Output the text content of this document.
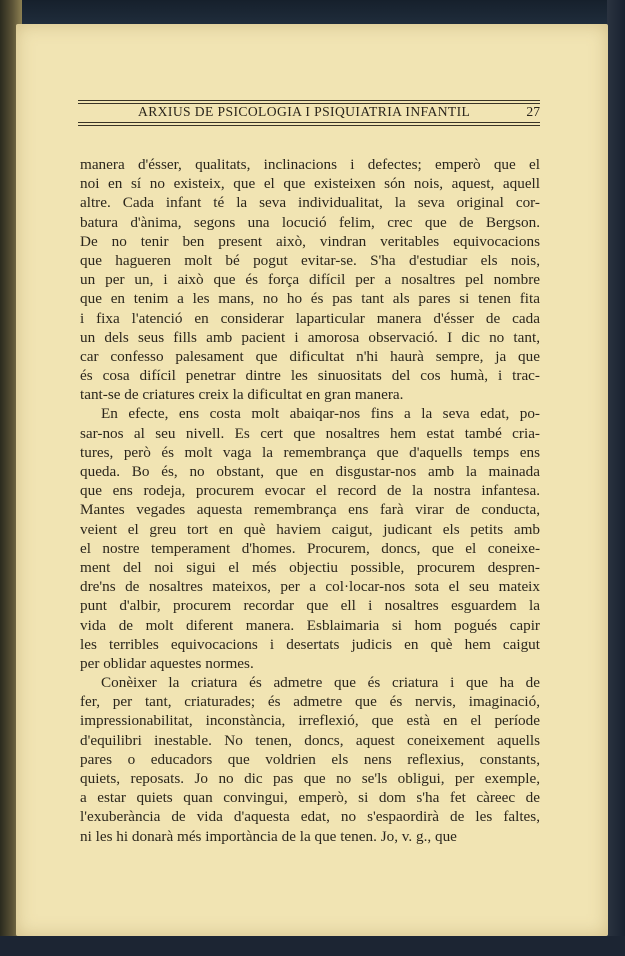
ARXIUS DE PSICOLOGIA I PSIQUIATRIA INFANTIL	27
manera d'ésser, qualitats, inclinacions i defectes; emperò que el
noi en sí no existeix, que el que existeixen són nois, aquest, aquell
altre. Cada infant té la seva individualitat, la seva original cor-
batura d'ànima, segons una locució felim, crec que de Bergson.
De no tenir ben present això, vindran veritables equivocacions
que hagueren molt bé pogut evitar-se. S'ha d'estudiar els nois,
un per un, i això que és força difícil per a nosaltres pel nombre
que en tenim a les mans, no ho és pas tant als pares si tenen fita
i fixa l'atenció en considerar laparticular manera d'ésser de cada
un dels seus fills amb pacient i amorosa observació. I dic no tant,
car confesso palesament que dificultat n'hi haurà sempre, ja que
és cosa difícil penetrar dintre les sinuositats del cos humà, i trac-
tant-se de criatures creix la dificultat en gran manera.
En efecte, ens costa molt abaiqar-nos fins a la seva edat, po-
sar-nos al seu nivell. Es cert que nosaltres hem estat també cria-
tures, però és molt vaga la remembrança que d'aquells temps ens
queda. Bo és, no obstant, que en disgustar-nos amb la mainada
que ens rodeja, procurem evocar el record de la nostra infantesa.
Mantes vegades aquesta remembrança ens farà virar de conducta,
veient el greu tort en què haviem caigut, judicant els petits amb
el nostre temperament d'homes. Procurem, doncs, que el coneixe-
ment del noi sigui el més objectiu possible, procurem despren-
dre'ns de nosaltres mateixos, per a col·locar-nos sota el seu mateix
punt d'albir, procurem recordar que ell i nosaltres esguardem la
vida de molt diferent manera. Esblaimaria si hom pogués capir
les terribles equivocacions i desertats judicis en què hem caigut
per oblidar aquestes normes.
Conèixer la criatura és admetre que és criatura i que ha de
fer, per tant, criaturades; és admetre que és nervis, imaginació,
impressionabilitat, inconstància, irreflexió, que està en el període
d'equilibri inestable. No tenen, doncs, aquest coneixement aquells
pares o educadors que voldrien els nens reflexius, constants,
quiets, reposats. Jo no dic pas que no se'ls obligui, per exemple,
a estar quiets quan convingui, emperò, si dom s'ha fet càreec de
l'exuberància de vida d'aquesta edat, no s'espaordirà de les faltes,
ni les hi donarà més importància de la que tenen. Jo, v. g., que
